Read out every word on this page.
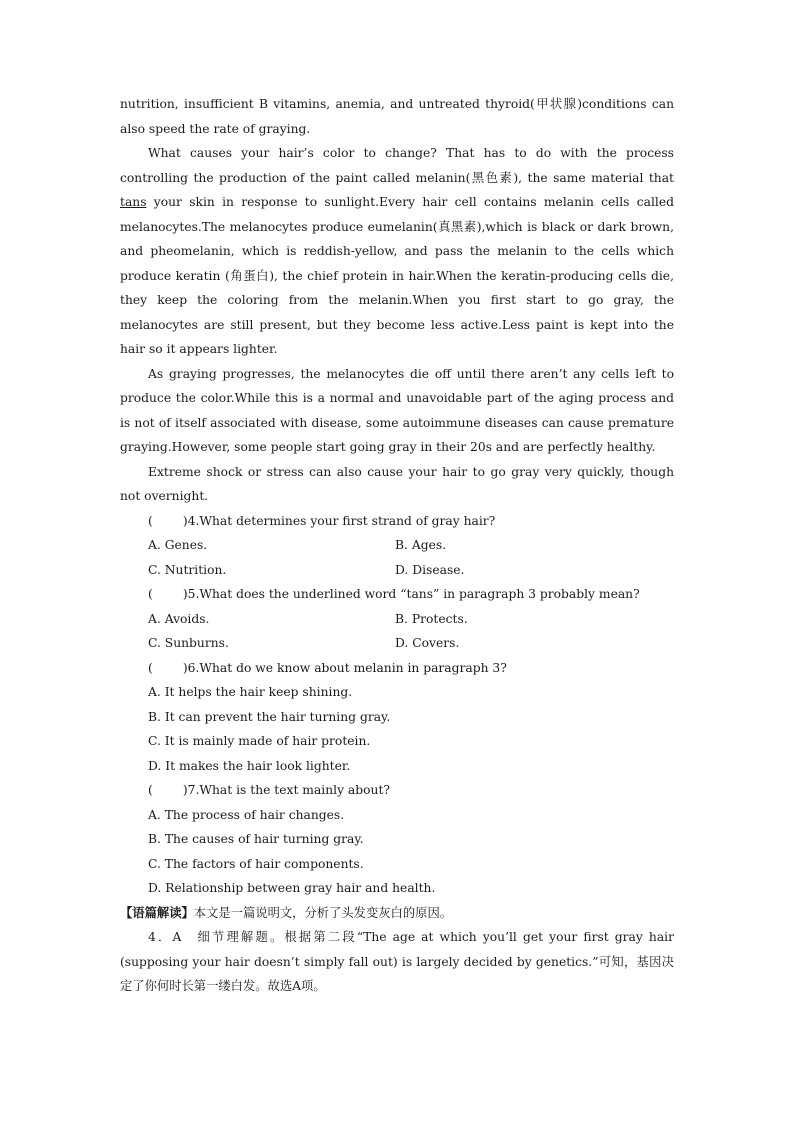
nutrition, insufficient B vitamins, anemia, and untreated thyroid(甲状腺)conditions can also speed the rate of graying.

What causes your hair’s color to change? That has to do with the process controlling the production of the paint called melanin(黑色素), the same material that tans your skin in response to sunlight.Every hair cell contains melanin cells called melanocytes.The melanocytes produce eumelanin(真黑素),which is black or dark brown, and pheomelanin, which is reddish-yellow, and pass the melanin to the cells which produce keratin (角蛋白), the chief protein in hair.When the keratin-producing cells die, they keep the coloring from the melanin.When you first start to go gray, the melanocytes are still present, but they become less active.Less paint is kept into the hair so it appears lighter.

As graying progresses, the melanocytes die off until there aren’t any cells left to produce the color.While this is a normal and unavoidable part of the aging process and is not of itself associated with disease, some autoimmune diseases can cause premature graying.However, some people start going gray in their 20s and are perfectly healthy.

Extreme shock or stress can also cause your hair to go gray very quickly, though not overnight.

( )4.What determines your first strand of gray hair?

A. Genes.	B. Ages.
C. Nutrition.	D. Disease.

( )5.What does the underlined word “tans” in paragraph 3 probably mean?

A. Avoids.	B. Protects.
C. Sunburns.	D. Covers.

( )6.What do we know about melanin in paragraph 3?

A. It helps the hair keep shining.
B. It can prevent the hair turning gray.
C. It is mainly made of hair protein.
D. It makes the hair look lighter.

( )7.What is the text mainly about?

A. The process of hair changes.
B. The causes of hair turning gray.
C. The factors of hair components.
D. Relationship between gray hair and health.

【语篇解读】本文是一篇说明文，分析了头发变灰白的原因。

4．A 细节理解题。根据第二段“The age at which you’ll get your first gray hair (supposing your hair doesn’t simply fall out) is largely decided by genetics.”可知，基因决定了你何时长第一缕白发。故选A项。
